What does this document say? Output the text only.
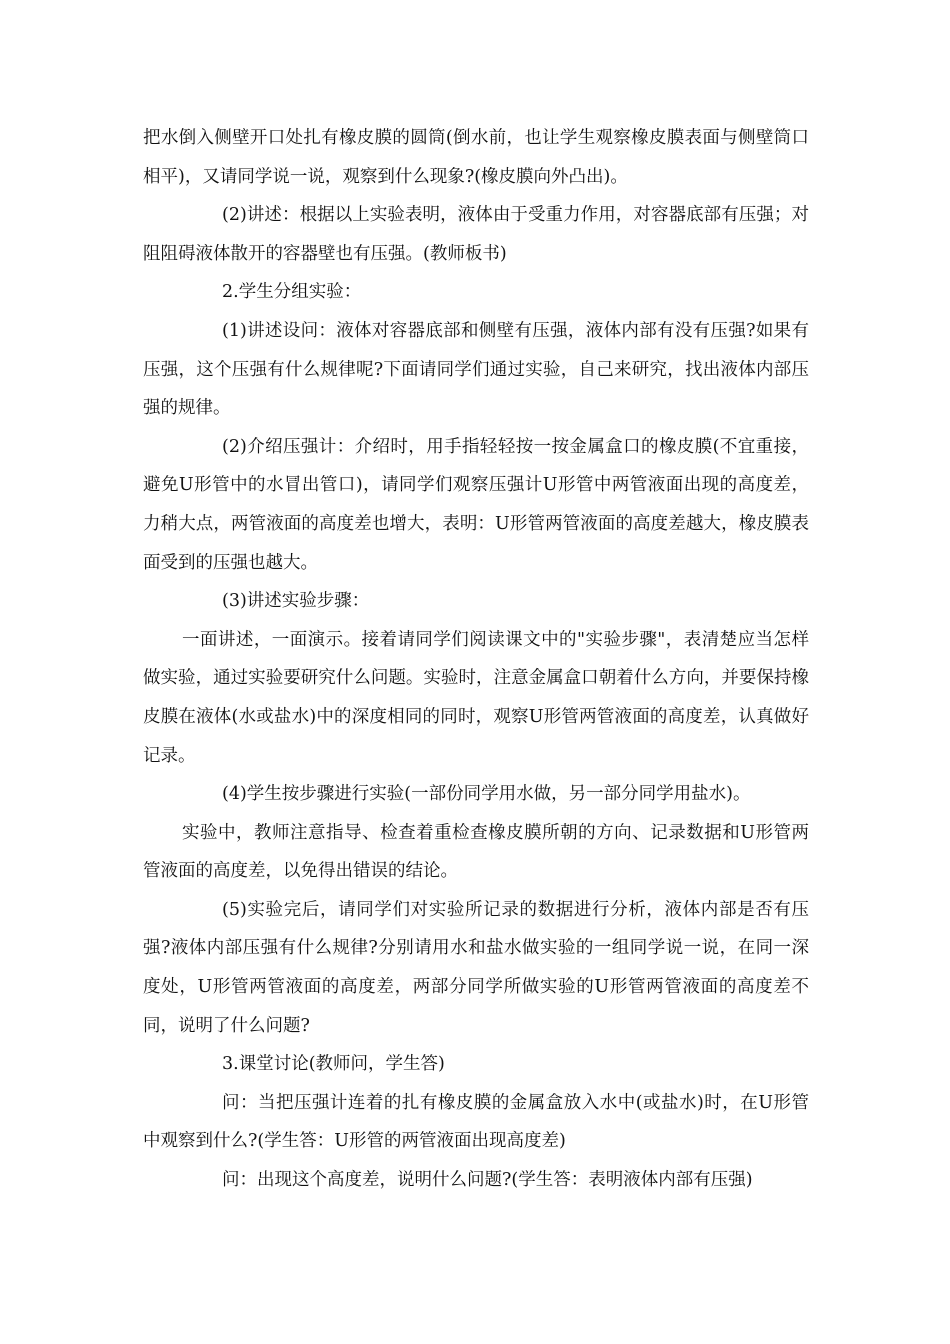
把水倒入侧壁开口处扎有橡皮膜的圆筒(倒水前，也让学生观察橡皮膜表面与侧壁筒口相平)，又请同学说一说，观察到什么现象?(橡皮膜向外凸出)。

(2)讲述：根据以上实验表明，液体由于受重力作用，对容器底部有压强；对阻阻碍液体散开的容器壁也有压强。(教师板书)

2.学生分组实验：

(1)讲述设问：液体对容器底部和侧壁有压强，液体内部有没有压强?如果有压强，这个压强有什么规律呢?下面请同学们通过实验，自己来研究，找出液体内部压强的规律。

(2)介绍压强计：介绍时，用手指轻轻按一按金属盒口的橡皮膜(不宜重接，避免U形管中的水冒出管口)，请同学们观察压强计U形管中两管液面出现的高度差，力稍大点，两管液面的高度差也增大，表明：U形管两管液面的高度差越大，橡皮膜表面受到的压强也越大。

(3)讲述实验步骤：

一面讲述，一面演示。接着请同学们阅读课文中的"实验步骤"，表清楚应当怎样做实验，通过实验要研究什么问题。实验时，注意金属盒口朝着什么方向，并要保持橡皮膜在液体(水或盐水)中的深度相同的同时，观察U形管两管液面的高度差，认真做好记录。

(4)学生按步骤进行实验(一部份同学用水做，另一部分同学用盐水)。

实验中，教师注意指导、检查着重检查橡皮膜所朝的方向、记录数据和U形管两管液面的高度差，以免得出错误的结论。

(5)实验完后，请同学们对实验所记录的数据进行分析，液体内部是否有压强?液体内部压强有什么规律?分别请用水和盐水做实验的一组同学说一说，在同一深度处，U形管两管液面的高度差，两部分同学所做实验的U形管两管液面的高度差不同，说明了什么问题?

3.课堂讨论(教师问，学生答)

问：当把压强计连着的扎有橡皮膜的金属盒放入水中(或盐水)时，在U形管中观察到什么?(学生答：U形管的两管液面出现高度差)

问：出现这个高度差，说明什么问题?(学生答：表明液体内部有压强)
